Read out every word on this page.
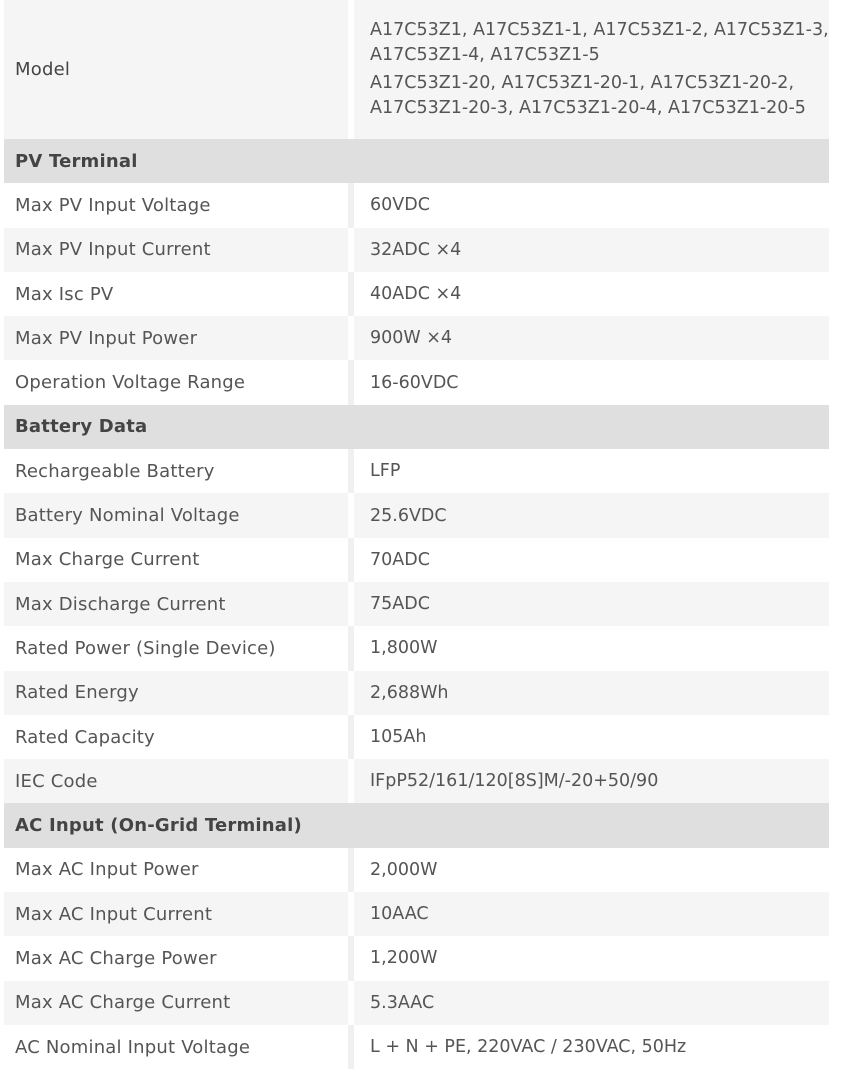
Model
A17C53Z1, A17C53Z1-1, A17C53Z1-2, A17C53Z1-3,
A17C53Z1-4, A17C53Z1-5
A17C53Z1-20, A17C53Z1-20-1, A17C53Z1-20-2,
A17C53Z1-20-3, A17C53Z1-20-4, A17C53Z1-20-5
PV Terminal
Max PV Input Voltage	60VDC
Max PV Input Current	32ADC ×4
Max Isc PV	40ADC ×4
Max PV Input Power	900W ×4
Operation Voltage Range	16-60VDC
Battery Data
Rechargeable Battery	LFP
Battery Nominal Voltage	25.6VDC
Max Charge Current	70ADC
Max Discharge Current	75ADC
Rated Power (Single Device)	1,800W
Rated Energy	2,688Wh
Rated Capacity	105Ah
IEC Code	IFpP52/161/120[8S]M/-20+50/90
AC Input (On-Grid Terminal)
Max AC Input Power	2,000W
Max AC Input Current	10AAC
Max AC Charge Power	1,200W
Max AC Charge Current	5.3AAC
AC Nominal Input Voltage	L + N + PE, 220VAC / 230VAC, 50Hz
